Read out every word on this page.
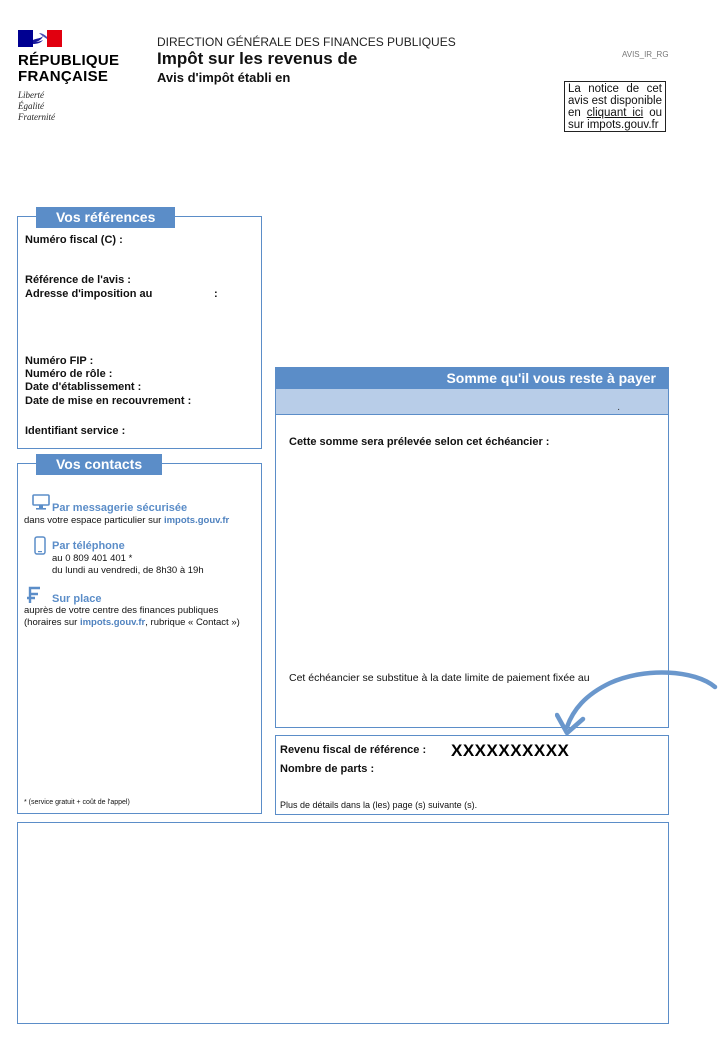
RÉPUBLIQUE
FRANÇAISE
Liberté
Égalité
Fraternité
DIRECTION GÉNÉRALE DES FINANCES PUBLIQUES
Impôt sur les revenus de
Avis d'impôt établi en
AVIS_IR_RG
La notice de cet avis est disponible en cliquant ici ou sur impots.gouv.fr
Vos références
Numéro fiscal (C) :
Référence de l'avis :
Adresse d'imposition au	:
Numéro FIP :
Numéro de rôle :
Date d'établissement :
Date de mise en recouvrement :
Identifiant service :
Vos contacts
Par messagerie sécurisée
dans votre espace particulier sur impots.gouv.fr
Par téléphone
au 0 809 401 401 *
du lundi au vendredi, de 8h30 à 19h
Sur place
auprès de votre centre des finances publiques
(horaires sur impots.gouv.fr, rubrique « Contact »)
* (service gratuit + coût de l'appel)
Somme qu'il vous reste à payer
.
Cette somme sera prélevée selon cet échéancier :
Cet échéancier se substitue à la date limite de paiement fixée au
Revenu fiscal de référence : XXXXXXXXXX
Nombre de parts :
Plus de détails dans la (les) page (s) suivante (s).
